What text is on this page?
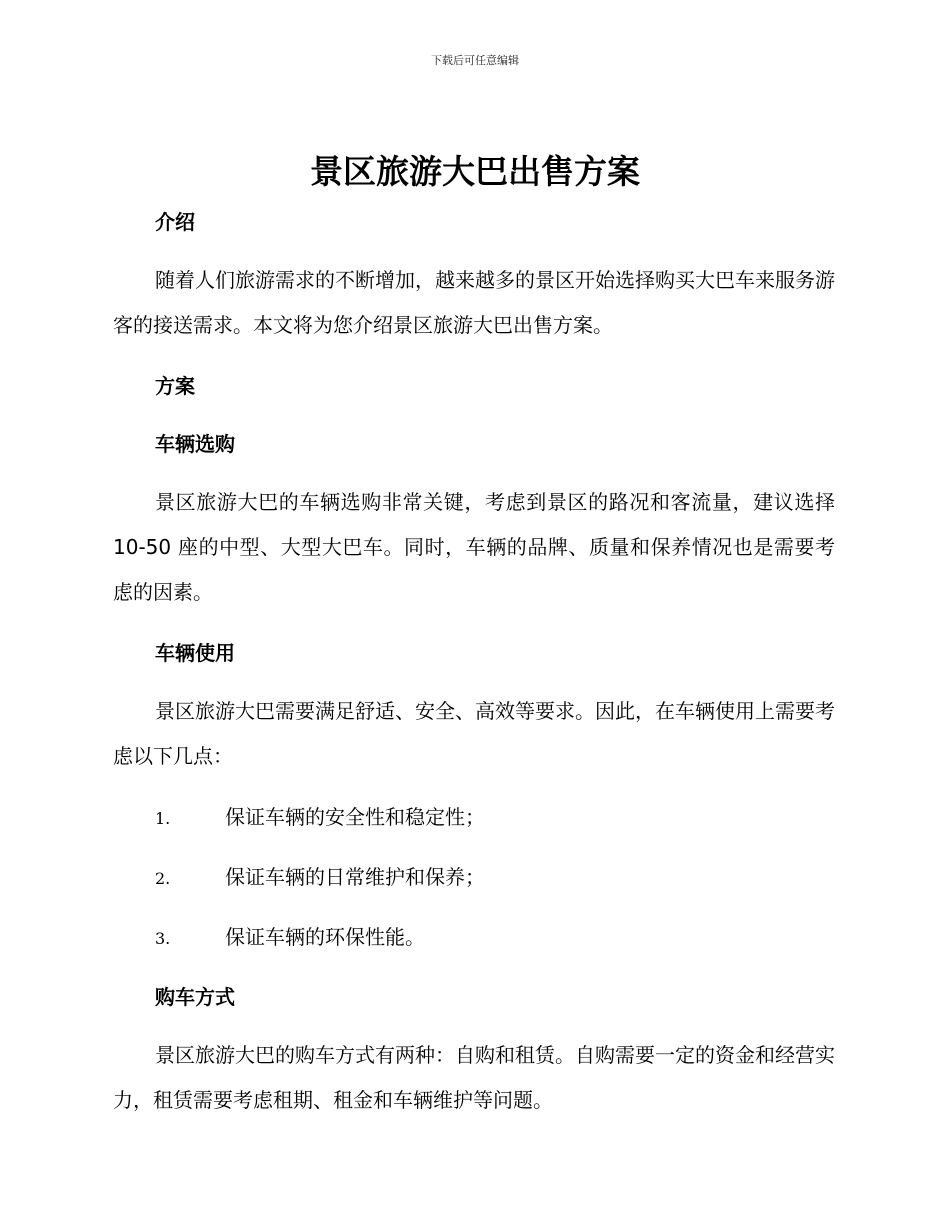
下载后可任意编辑
景区旅游大巴出售方案
介绍

随着人们旅游需求的不断增加，越来越多的景区开始选择购买大巴车来服务游客的接送需求。本文将为您介绍景区旅游大巴出售方案。

方案
车辆选购

景区旅游大巴的车辆选购非常关键，考虑到景区的路况和客流量，建议选择 10-50 座的中型、大型大巴车。同时，车辆的品牌、质量和保养情况也是需要考虑的因素。

车辆使用

景区旅游大巴需要满足舒适、安全、高效等要求。因此，在车辆使用上需要考虑以下几点：

1.	保证车辆的安全性和稳定性；
2.	保证车辆的日常维护和保养；
3.	保证车辆的环保性能。
购车方式

景区旅游大巴的购车方式有两种：自购和租赁。自购需要一定的资金和经营实力，租赁需要考虑租期、租金和车辆维护等问题。
